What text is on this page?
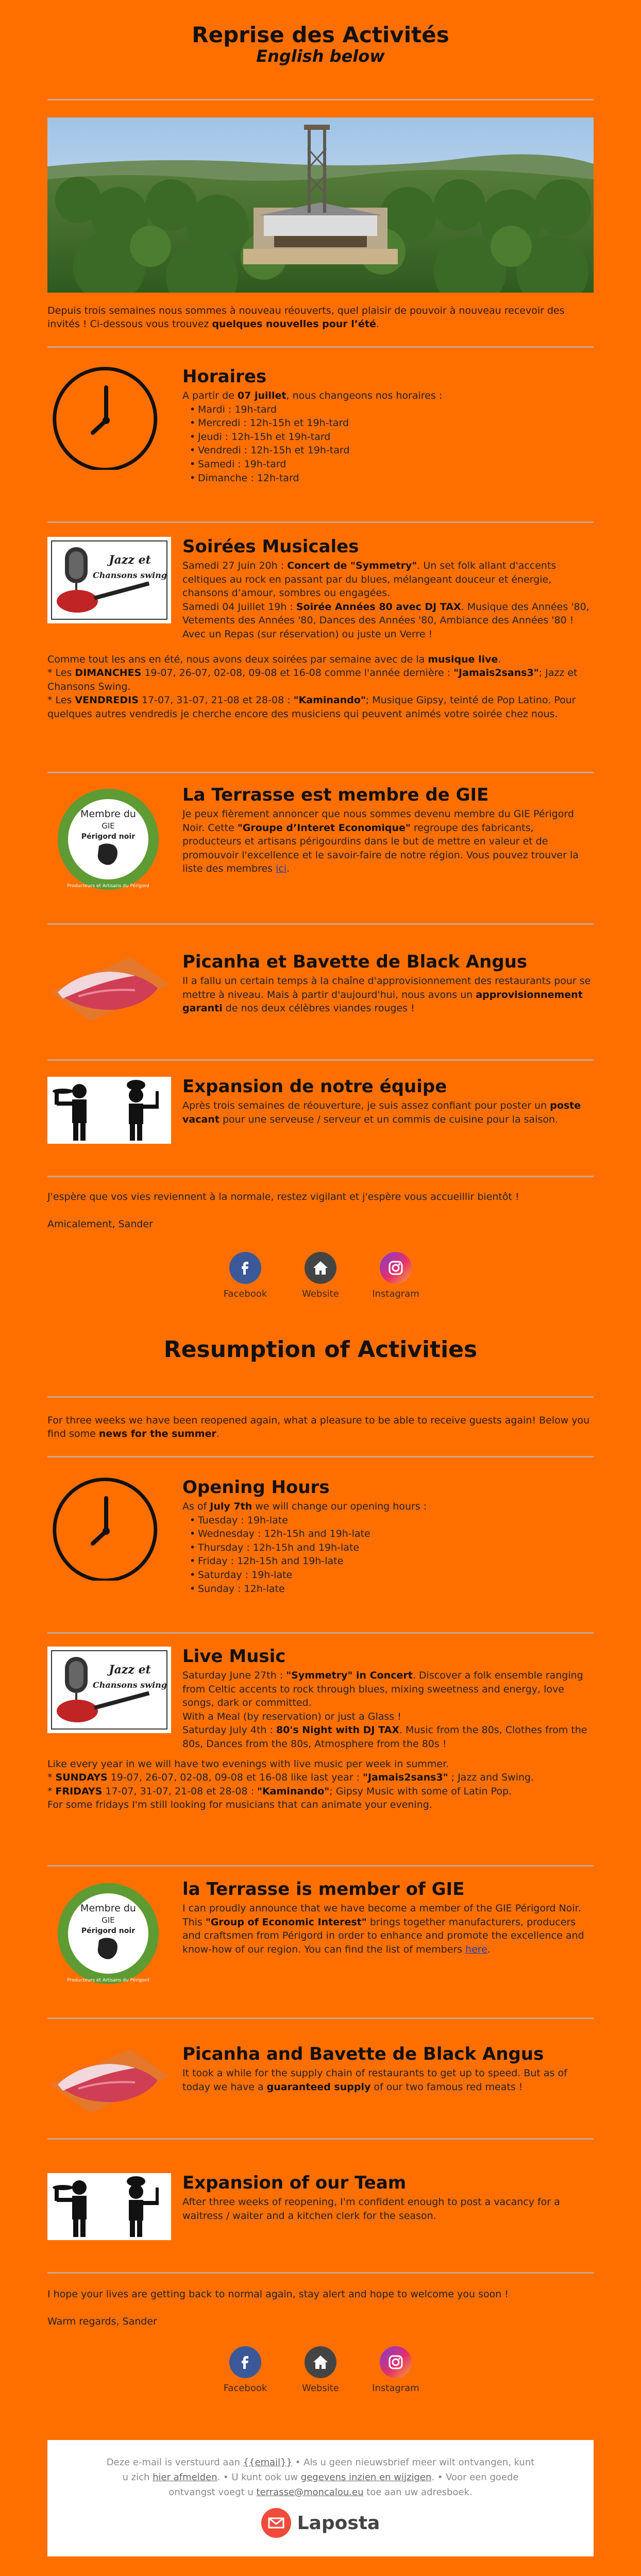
Reprise des Activités
English below
Depuis trois semaines nous sommes à nouveau réouverts, quel plaisir de pouvoir à nouveau recevoir des invités ! Ci-dessous vous trouvez quelques nouvelles pour l’été.
Horaires
A partir de 07 juillet, nous changeons nos horaires :
• Mardi : 19h-tard
• Mercredi : 12h-15h et 19h-tard
• Jeudi : 12h-15h et 19h-tard
• Vendredi : 12h-15h et 19h-tard
• Samedi : 19h-tard
• Dimanche : 12h-tard
Jazz et
Chansons swing
Soirées Musicales
Samedi 27 Juin 20h : Concert de "Symmetry". Un set folk allant d'accents celtiques au rock en passant par du blues, mélangeant douceur et énergie, chansons d’amour, sombres ou engagées.
Samedi 04 Juillet 19h : Soirée Années 80 avec DJ TAX. Musique des Années '80, Vetements des Années '80, Dances des Années '80, Ambiance des Années '80 ! Avec un Repas (sur réservation) ou juste un Verre !
Comme tout les ans en été, nous avons deux soirées par semaine avec de la musique live.
* Les DIMANCHES 19-07, 26-07, 02-08, 09-08 et 16-08 comme l'année dernière : "Jamais2sans3"; Jazz et Chansons Swing.
* Les VENDREDIS 17-07, 31-07, 21-08 et 28-08 : "Kaminando"; Musique Gipsy, teinté de Pop Latino. Pour quelques autres vendredis je cherche encore des musiciens qui peuvent animés votre soirée chez nous.
Membre du
GIE
Périgord noir
Producteurs et Artisans du Périgord
La Terrasse est membre de GIE
Je peux fièrement annoncer que nous sommes devenu membre du GIE Périgord Noir. Cette "Groupe d’Interet Economique" regroupe des fabricants, producteurs et artisans périgourdins dans le but de mettre en valeur et de promouvoir l'excellence et le savoir-faire de notre région. Vous pouvez trouver la liste des membres ici.
Picanha et Bavette de Black Angus
Il a fallu un certain temps à la chaîne d'approvisionnement des restaurants pour se mettre à niveau. Mais à partir d'aujourd'hui, nous avons un approvisionnement garanti de nos deux célèbres viandes rouges !
Expansion de notre équipe
Après trois semaines de réouverture, je suis assez confiant pour poster un poste vacant pour une serveuse / serveur et un commis de cuisine pour la saison.
J'espère que vos vies reviennent à la normale, restez vigilant et j'espère vous accueillir bientôt !
Amicalement, Sander
Facebook	Website	Instagram
Resumption of Activities
For three weeks we have been reopened again, what a pleasure to be able to receive guests again! Below you find some news for the summer.
Opening Hours
As of July 7th we will change our opening hours :
• Tuesday : 19h-late
• Wednesday : 12h-15h and 19h-late
• Thursday : 12h-15h and 19h-late
• Friday : 12h-15h and 19h-late
• Saturday : 19h-late
• Sunday : 12h-late
Jazz et
Chansons swing
Live Music
Saturday June 27th : "Symmetry" in Concert. Discover a folk ensemble ranging from Celtic accents to rock through blues, mixing sweetness and energy, love songs, dark or committed.
With a Meal (by reservation) or just a Glass !
Saturday July 4th : 80's Night with DJ TAX. Music from the 80s, Clothes from the 80s, Dances from the 80s, Atmosphere from the 80s !
Like every year in we will have two evenings with live music per week in summer.
* SUNDAYS 19-07, 26-07, 02-08, 09-08 et 16-08 like last year : "Jamais2sans3" ; Jazz and Swing.
* FRIDAYS 17-07, 31-07, 21-08 et 28-08 : "Kaminando"; Gipsy Music with some of Latin Pop.
For some fridays I'm still looking for musicians that can animate your evening.
Membre du
GIE
Périgord noir
Producteurs et Artisans du Périgord
la Terrasse is member of GIE
I can proudly announce that we have become a member of the GIE Périgord Noir. This "Group of Economic Interest" brings together manufacturers, producers and craftsmen from Périgord in order to enhance and promote the excellence and know-how of our region. You can find the list of members here.
Picanha and Bavette de Black Angus
It took a while for the supply chain of restaurants to get up to speed. But as of today we have a guaranteed supply of our two famous red meats !
Expansion of our Team
After three weeks of reopening, I'm confident enough to post a vacancy for a waitress / waiter and a kitchen clerk for the season.
I hope your lives are getting back to normal again, stay alert and hope to welcome you soon !
Warm regards, Sander
Facebook	Website	Instagram
Deze e-mail is verstuurd aan {{email}} • Als u geen nieuwsbrief meer wilt ontvangen, kunt
u zich hier afmelden. • U kunt ook uw gegevens inzien en wijzigen. • Voor een goede
ontvangst voegt u terrasse@moncalou.eu toe aan uw adresboek.
Laposta
